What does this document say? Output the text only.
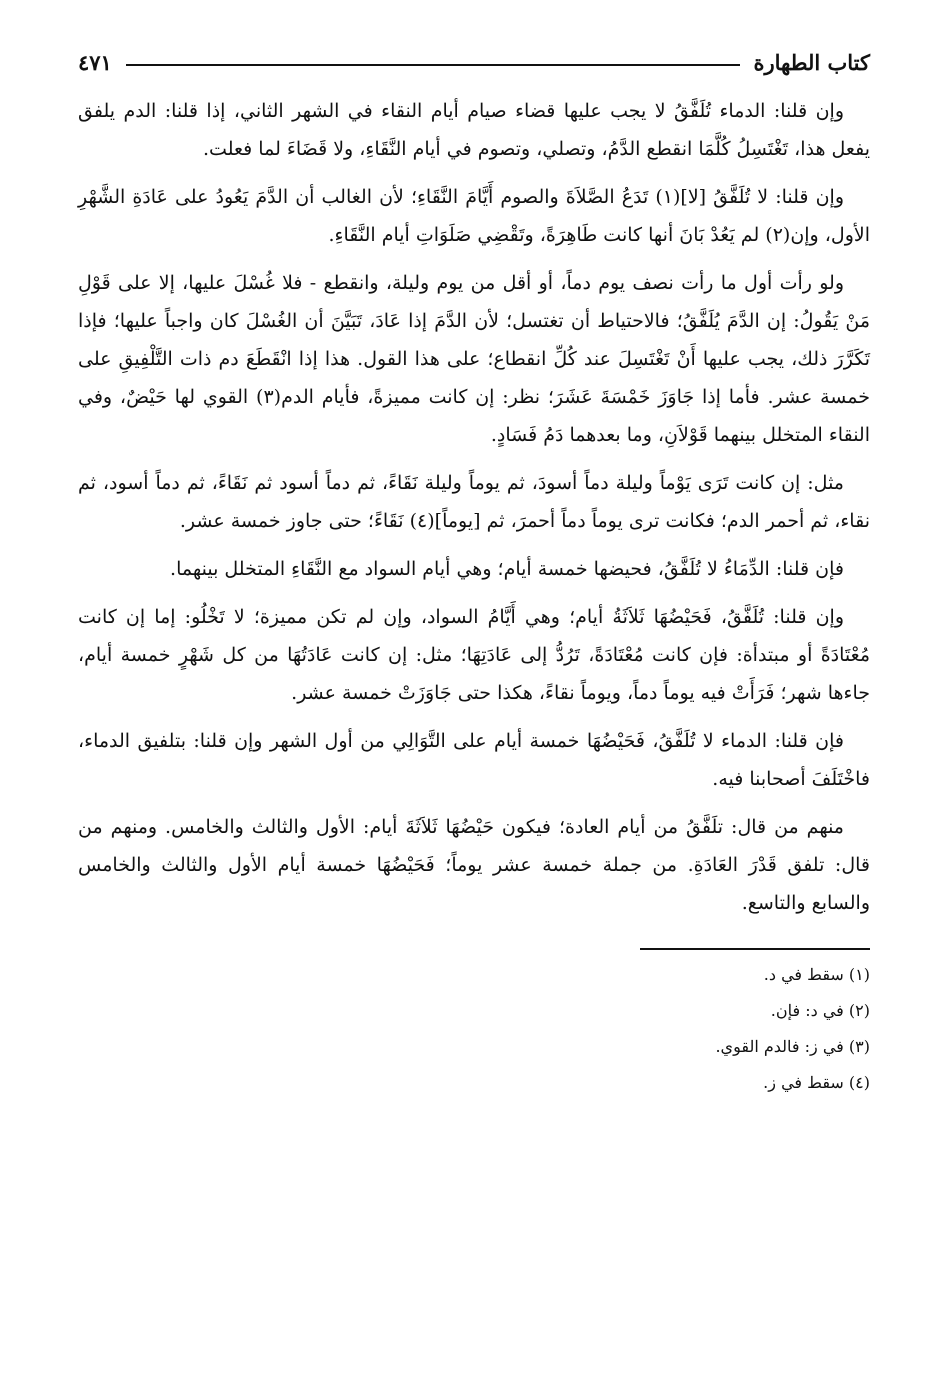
كتاب الطهارة
٤٧١

وإن قلنا: الدماء تُلَفَّقُ لا يجب عليها قضاء صيام أيام النقاء في الشهر الثاني، إذا قلنا: الدم يلفق يفعل هذا، تَغْتَسِلُ كُلَّمَا انقطع الدَّمُ، وتصلي، وتصوم في أيام النَّقَاءِ، ولا قَضَاءَ لما فعلت.

وإن قلنا: لا تُلَفَّقُ [لا](١) تَدَعُ الصَّلاَةَ والصوم أَيَّامَ النَّقَاءِ؛ لأن الغالب أن الدَّمَ يَعُودُ على عَادَةِ الشَّهْرِ الأول، وإن(٢) لم يَعُدْ بَانَ أنها كانت طَاهِرَةً، وتَقْضِي صَلَوَاتِ أيام النَّقَاءِ.

ولو رأت أول ما رأت نصف يوم دماً، أو أقل من يوم وليلة، وانقطع - فلا غُسْلَ عليها، إلا على قَوْلِ مَنْ يَقُولُ: إن الدَّمَ يُلَفَّقُ؛ فالاحتياط أن تغتسل؛ لأن الدَّمَ إذا عَادَ، تَبَيَّنَ أن الغُسْلَ كان واجباً عليها؛ فإذا تَكَرَّرَ ذلك، يجب عليها أَنْ تَغْتَسِلَ عند كُلِّ انقطاع؛ على هذا القول. هذا إذا انْقَطَعَ دم ذات التَّلْفِيقِ على خمسة عشر. فأما إذا جَاوَزَ خَمْسَةَ عَشَرَ؛ نظر: إن كانت مميزةً، فأيام الدم(٣) القوي لها حَيْضٌ، وفي النقاء المتخلل بينهما قَوْلاَنِ، وما بعدهما دَمُ فَسَادٍ.

مثل: إن كانت تَرَى يَوْماً وليلة دماً أسودَ، ثم يوماً وليلة نَقَاءً، ثم دماً أسود ثم نَقَاءً، ثم دماً أسود، ثم نقاء، ثم أحمر الدم؛ فكانت ترى يوماً دماً أحمرَ، ثم [يوماً](٤) نَقَاءً؛ حتى جاوز خمسة عشر.

فإن قلنا: الدِّمَاءُ لا تُلَفَّقُ، فحيضها خمسة أيام؛ وهي أيام السواد مع النَّقَاءِ المتخلل بينهما.

وإن قلنا: تُلَفَّقُ، فَحَيْضُهَا ثَلاَثَةُ أيام؛ وهي أَيَّامُ السواد، وإن لم تكن مميزة؛ لا تَخْلُو: إما إن كانت مُعْتَادَةً أو مبتدأة: فإن كانت مُعْتَادَةً، تَرُدُّ إلى عَادَتِهَا؛ مثل: إن كانت عَادَتُهَا من كل شَهْرٍ خمسة أيام، جاءها شهر؛ فَرَأَتْ فيه يوماً دماً، ويوماً نقاءً، هكذا حتى جَاوَزَتْ خمسة عشر.

فإن قلنا: الدماء لا تُلَفَّقُ، فَحَيْضُهَا خمسة أيام على التَّوَالِي من أول الشهر وإن قلنا: بتلفيق الدماء، فاخْتَلَفَ أصحابنا فيه.

منهم من قال: تلَفَّقُ من أيام العادة؛ فيكون حَيْضُهَا ثَلاَثَةَ أيام: الأول والثالث والخامس. ومنهم من قال: تلفق قَدْرَ العَادَةِ. من جملة خمسة عشر يوماً؛ فَحَيْضُهَا خمسة أيام الأول والثالث والخامس والسابع والتاسع.

(١) سقط في د.

(٢) في د: فإن.

(٣) في ز: فالدم القوي.

(٤) سقط في ز.
